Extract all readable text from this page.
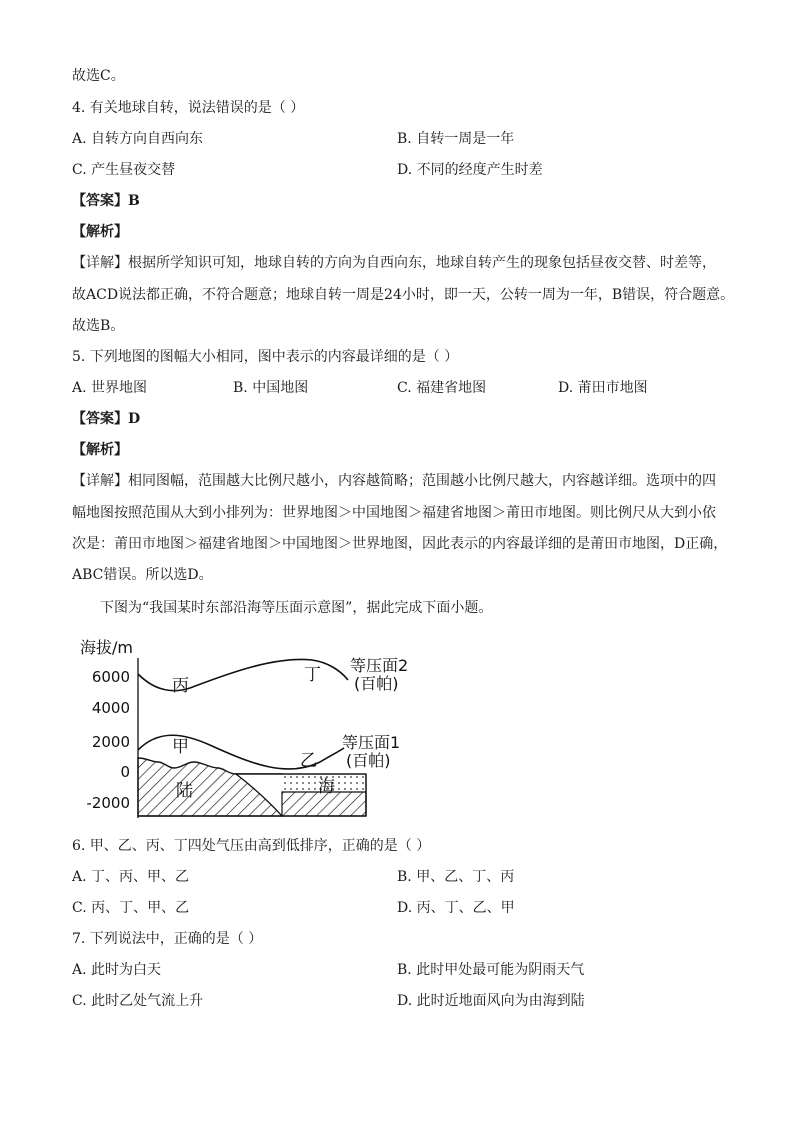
故选C。
4. 有关地球自转，说法错误的是（ ）
A. 自转方向自西向东	B. 自转一周是一年
C. 产生昼夜交替	D. 不同的经度产生时差
【答案】B
【解析】
【详解】根据所学知识可知，地球自转的方向为自西向东，地球自转产生的现象包括昼夜交替、时差等，
故ACD说法都正确，不符合题意；地球自转一周是24小时，即一天，公转一周为一年，B错误，符合题意。
故选B。
5. 下列地图的图幅大小相同，图中表示的内容最详细的是（ ）
A. 世界地图	B. 中国地图	C. 福建省地图	D. 莆田市地图
【答案】D
【解析】
【详解】相同图幅，范围越大比例尺越小，内容越简略；范围越小比例尺越大，内容越详细。选项中的四
幅地图按照范围从大到小排列为：世界地图＞中国地图＞福建省地图＞莆田市地图。则比例尺从大到小依
次是：莆田市地图＞福建省地图＞中国地图＞世界地图，因此表示的内容最详细的是莆田市地图，D正确，
ABC错误。所以选D。
下图为“我国某时东部沿海等压面示意图”，据此完成下面小题。
海拔/m
6000
4000
2000
0
-2000
丙
丁
甲
乙
陆	海
等压面2
(百帕)
等压面1
(百帕)
6. 甲、乙、丙、丁四处气压由高到低排序，正确的是（ ）
A. 丁、丙、甲、乙	B. 甲、乙、丁、丙
C. 丙、丁、甲、乙	D. 丙、丁、乙、甲
7. 下列说法中，正确的是（ ）
A. 此时为白天	B. 此时甲处最可能为阴雨天气
C. 此时乙处气流上升	D. 此时近地面风向为由海到陆
